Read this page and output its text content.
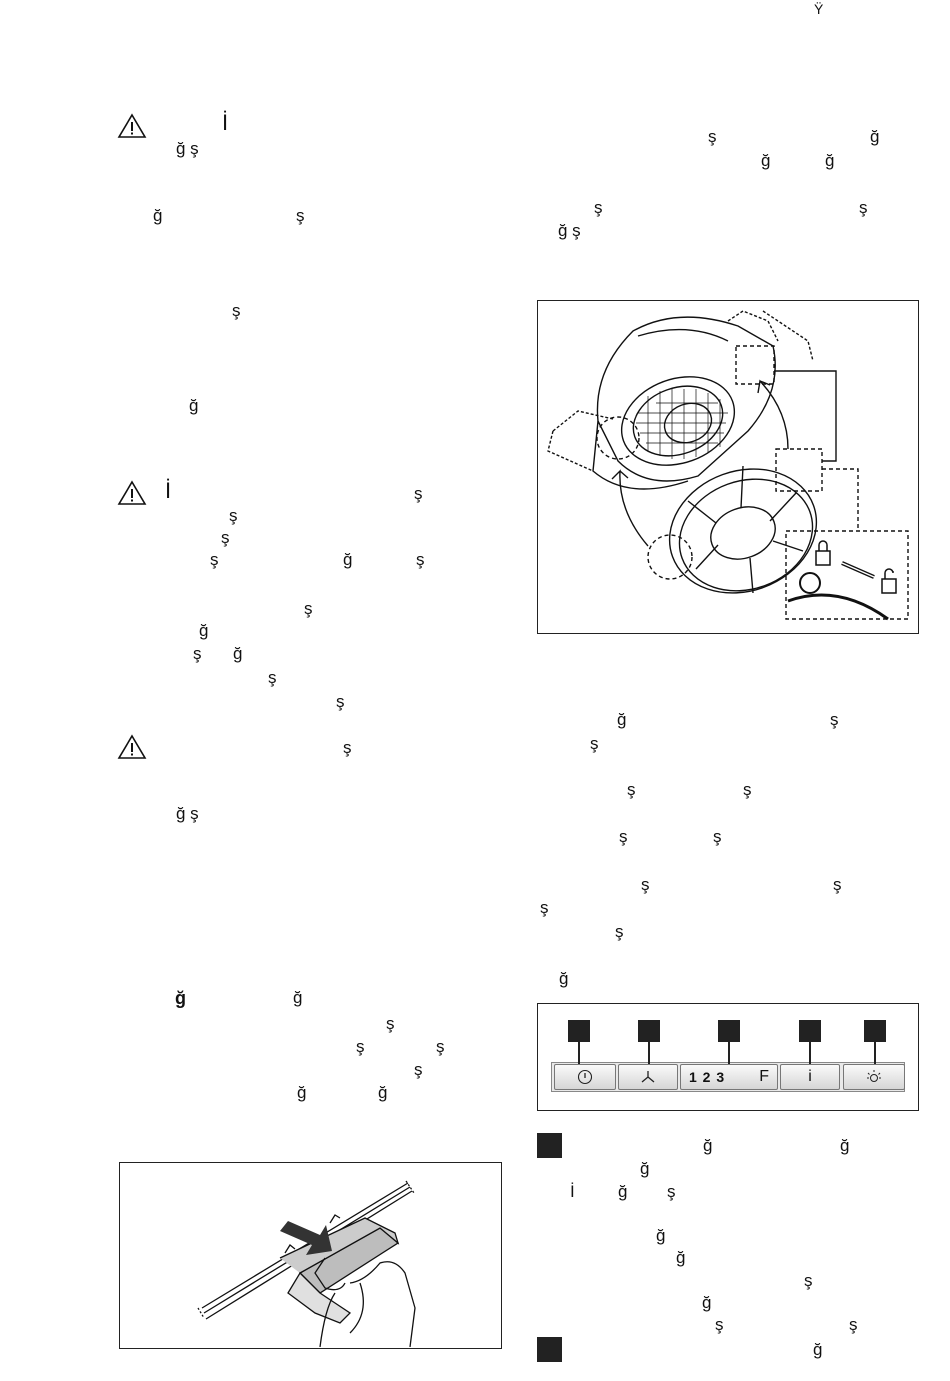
Ÿ
İ
ğ ş
ğ	ş
ş
ğ
İ	ş
ş
ş
ş	ğ	ş
ş
ğ
ş ğ
ş
ş
ş
ğ ş
ğ	ğ
ş
ş	ş
ş
ğ	ğ
ş	ğ
ğ	ğ
ş	ş
ğ ş
ğ	ş
ş
ş	ş
ş	ş
ş	ş
ş
ş
ğ
ğ	ğ
ğ
İ	ğ ş
ğ
ğ
ş
ğ
ş	ş
ğ
1 2 3 F i
